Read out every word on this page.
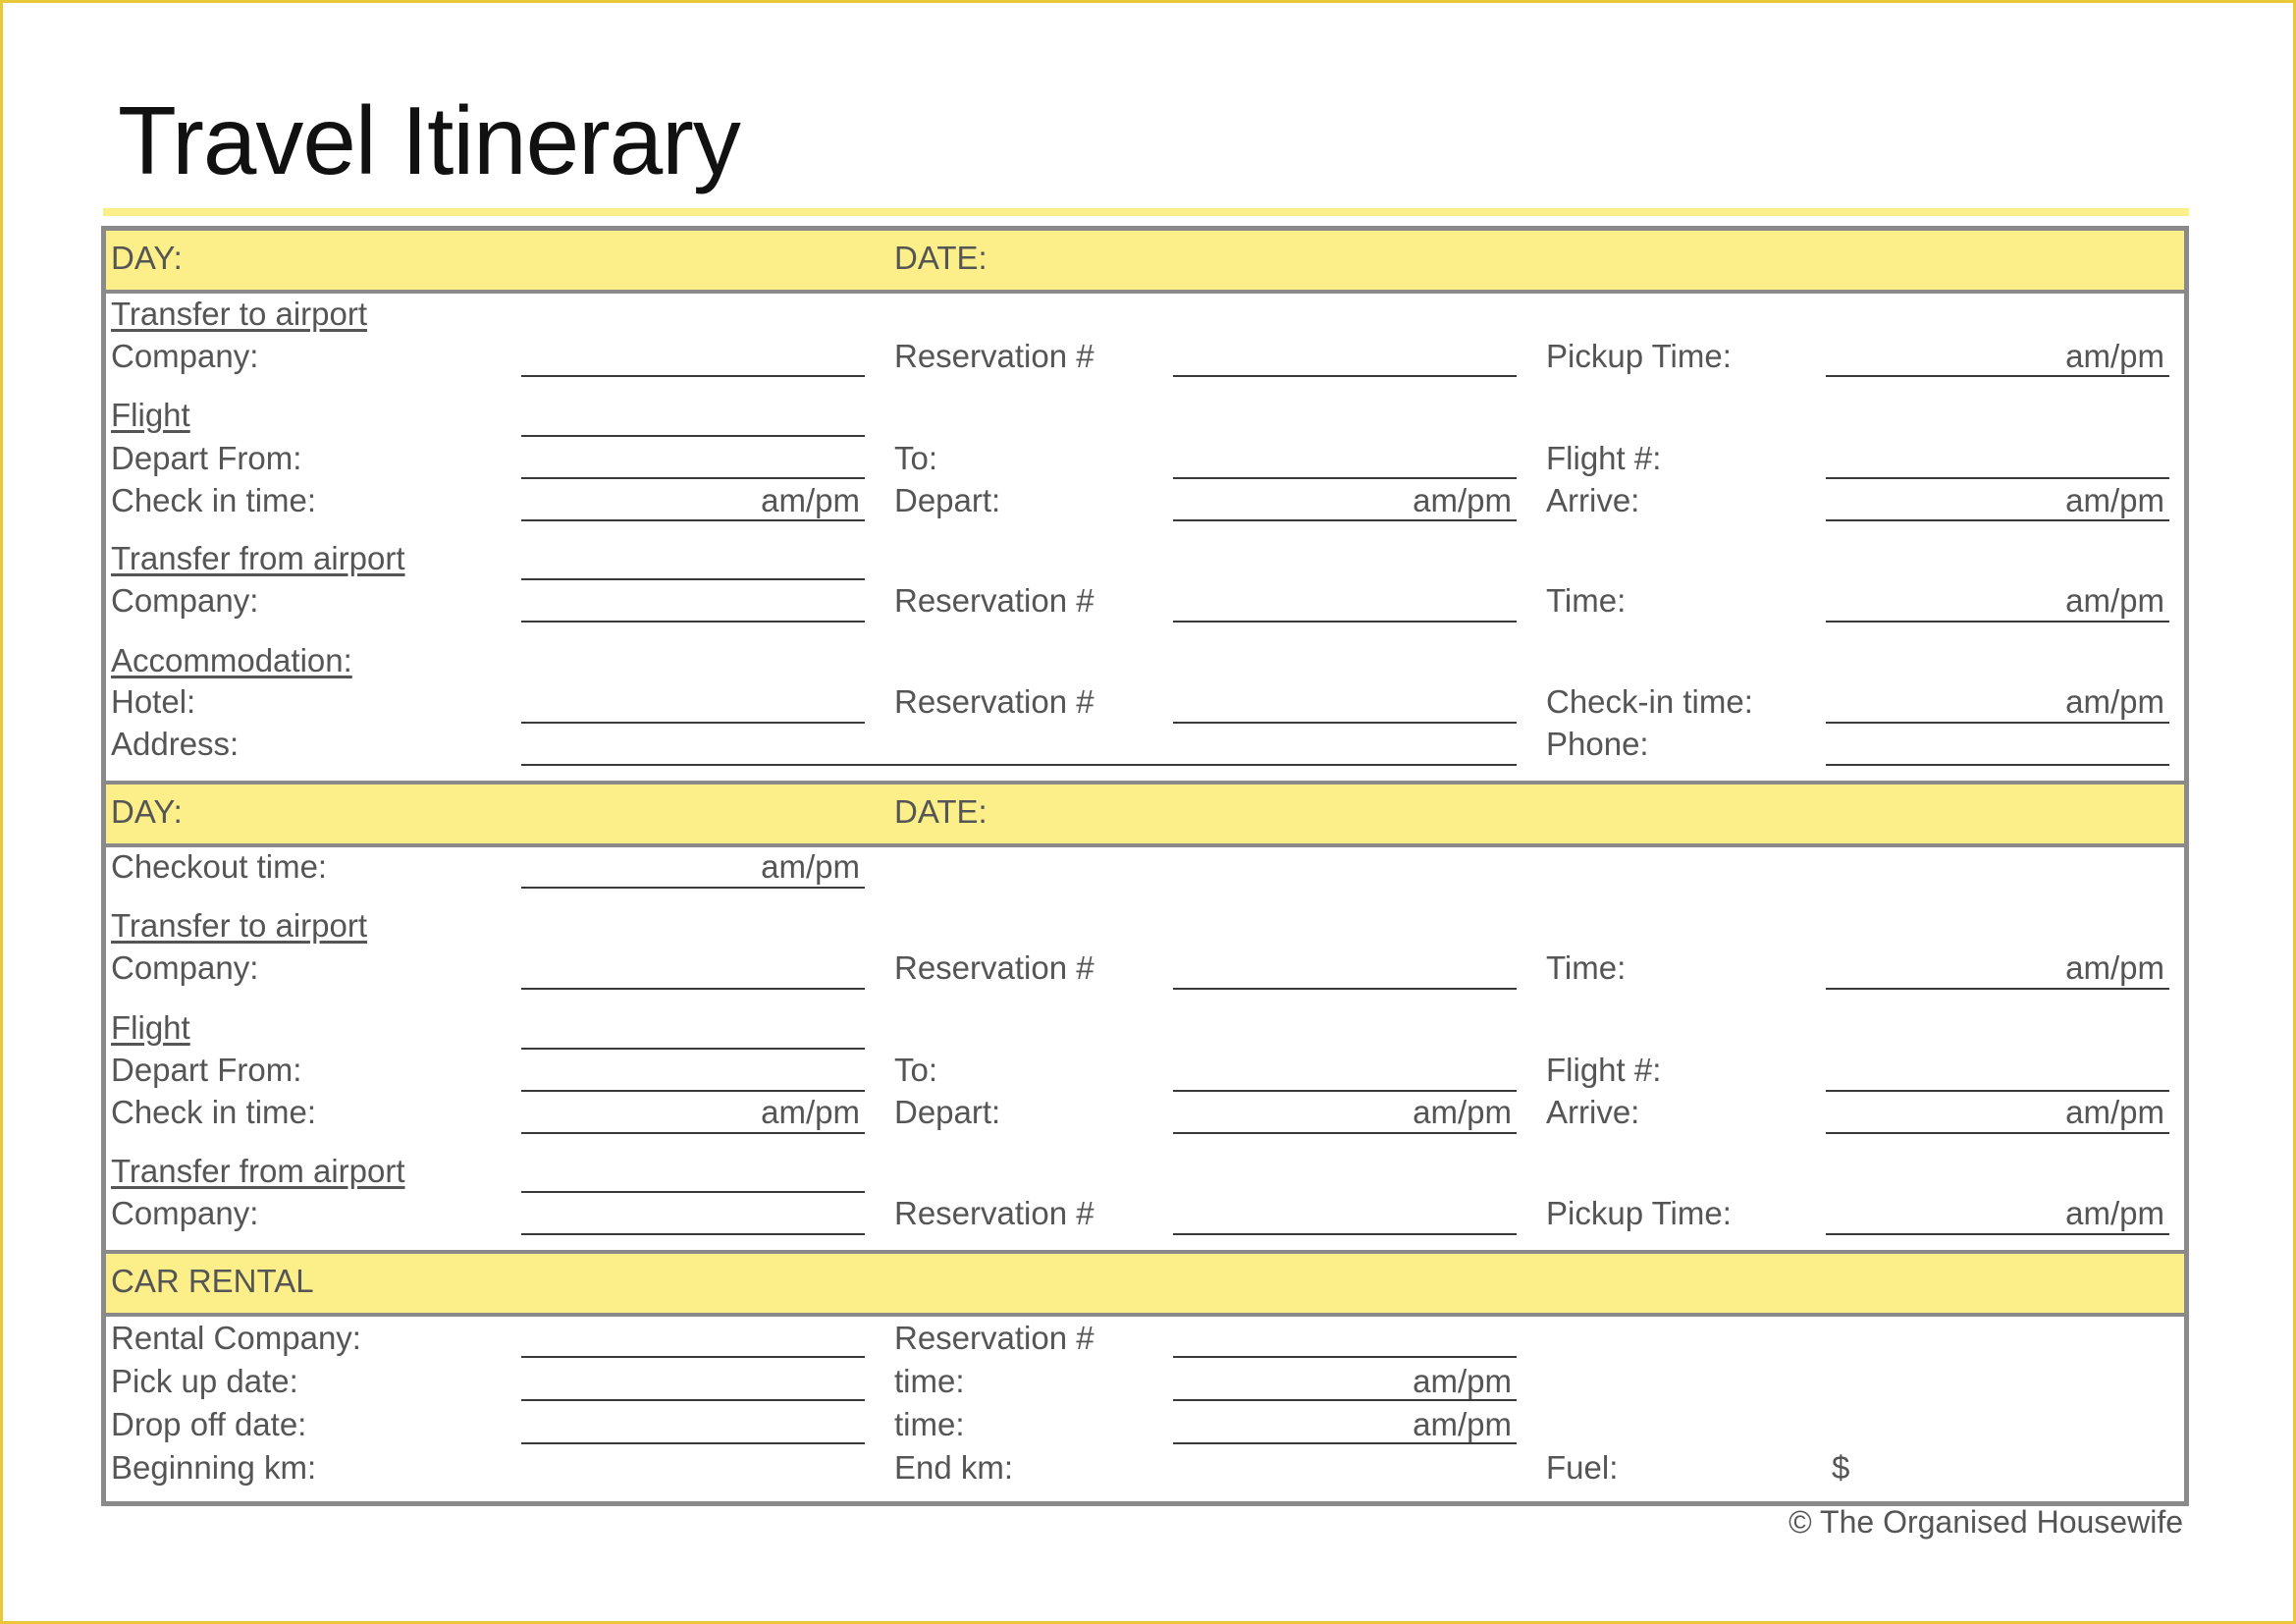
Travel Itinerary
DAY:	DATE:
Transfer to airport
Company:	Reservation #	Pickup Time:	am/pm
Flight
Depart From:	To:	Flight #:
Check in time:	am/pm Depart:	am/pm Arrive:	am/pm
Transfer from airport
Company:	Reservation #	Time:	am/pm
Accommodation:
Hotel:	Reservation #	Check-in time:	am/pm
Address:	Phone:
DAY:	DATE:
Checkout time:	am/pm
Transfer to airport
Company:	Reservation #	Time:	am/pm
Flight
Depart From:	To:	Flight #:
Check in time:	am/pm Depart:	am/pm Arrive:	am/pm
Transfer from airport
Company:	Reservation #	Pickup Time:	am/pm
CAR RENTAL
Rental Company:	Reservation #
Pick up date:	time:	am/pm
Drop off date:	time:	am/pm
Beginning km:	End km:	Fuel:	$
© The Organised Housewife
